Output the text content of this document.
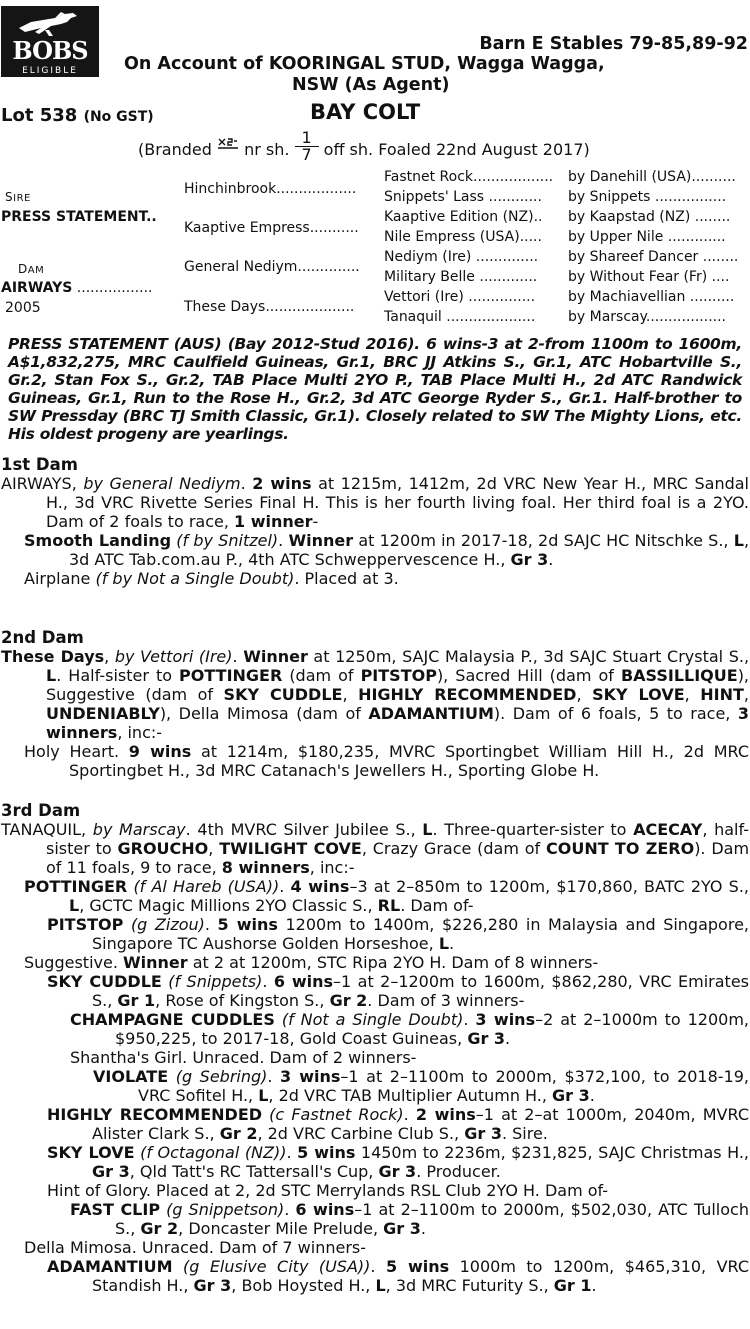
BOBS
ELIGIBLE
Barn E Stables 79-85,89-92
On Account of KOORINGAL STUD, Wagga Wagga,
NSW (As Agent)
Lot 538 (No GST)	BAY COLT
(Branded nr sh. $\frac{1}{7}$ off sh. Foaled 22nd August 2017)
SIRE
PRESS STATEMENT..
DAM
AIRWAYS .................
2005
Hinchinbrook..................
Kaaptive Empress...........
General Nediym..............
These Days....................
Fastnet Rock..................
Snippets' Lass ............
Kaaptive Edition (NZ)..
Nile Empress (USA).....
Nediym (Ire) ..............
Military Belle .............
Vettori (Ire) ...............
Tanaquil ....................
by Danehill (USA)..........
by Snippets ................
by Kaapstad (NZ) ........
by Upper Nile .............
by Shareef Dancer ........
by Without Fear (Fr) ....
by Machiavellian ..........
by Marscay..................
PRESS STATEMENT (AUS) (Bay 2012-Stud 2016). 6 wins-3 at 2-from 1100m to 1600m, A$1,832,275, MRC Caulfield Guineas, Gr.1, BRC JJ Atkins S., Gr.1, ATC Hobartville S., Gr.2, Stan Fox S., Gr.2, TAB Place Multi 2YO P., TAB Place Multi H., 2d ATC Randwick Guineas, Gr.1, Run to the Rose H., Gr.2, 3d ATC George Ryder S., Gr.1. Half-brother to SW Pressday (BRC TJ Smith Classic, Gr.1). Closely related to SW The Mighty Lions, etc. His oldest progeny are yearlings.
1st Dam
AIRWAYS, by General Nediym. 2 wins at 1215m, 1412m, 2d VRC New Year H., MRC Sandal H., 3d VRC Rivette Series Final H. This is her fourth living foal. Her third foal is a 2YO. Dam of 2 foals to race, 1 winner-
Smooth Landing (f by Snitzel). Winner at 1200m in 2017-18, 2d SAJC HC Nitschke S., L, 3d ATC Tab.com.au P., 4th ATC Schweppervescence H., Gr 3.
Airplane (f by Not a Single Doubt). Placed at 3.
2nd Dam
These Days, by Vettori (Ire). Winner at 1250m, SAJC Malaysia P., 3d SAJC Stuart Crystal S., L. Half-sister to POTTINGER (dam of PITSTOP), Sacred Hill (dam of BASSILLIQUE), Suggestive (dam of SKY CUDDLE, HIGHLY RECOMMENDED, SKY LOVE, HINT, UNDENIABLY), Della Mimosa (dam of ADAMANTIUM). Dam of 6 foals, 5 to race, 3 winners, inc:-
Holy Heart. 9 wins at 1214m, $180,235, MVRC Sportingbet William Hill H., 2d MRC Sportingbet H., 3d MRC Catanach's Jewellers H., Sporting Globe H.
3rd Dam
TANAQUIL, by Marscay. 4th MVRC Silver Jubilee S., L. Three-quarter-sister to ACECAY, half-sister to GROUCHO, TWILIGHT COVE, Crazy Grace (dam of COUNT TO ZERO). Dam of 11 foals, 9 to race, 8 winners, inc:-
POTTINGER (f Al Hareb (USA)). 4 wins–3 at 2–850m to 1200m, $170,860, BATC 2YO S., L, GCTC Magic Millions 2YO Classic S., RL. Dam of-
PITSTOP (g Zizou). 5 wins 1200m to 1400m, $226,280 in Malaysia and Singapore, Singapore TC Aushorse Golden Horseshoe, L.
Suggestive. Winner at 2 at 1200m, STC Ripa 2YO H. Dam of 8 winners-
SKY CUDDLE (f Snippets). 6 wins–1 at 2–1200m to 1600m, $862,280, VRC Emirates S., Gr 1, Rose of Kingston S., Gr 2. Dam of 3 winners-
CHAMPAGNE CUDDLES (f Not a Single Doubt). 3 wins–2 at 2–1000m to 1200m, $950,225, to 2017-18, Gold Coast Guineas, Gr 3.
Shantha's Girl. Unraced. Dam of 2 winners-
VIOLATE (g Sebring). 3 wins–1 at 2–1100m to 2000m, $372,100, to 2018-19, VRC Sofitel H., L, 2d VRC TAB Multiplier Autumn H., Gr 3.
HIGHLY RECOMMENDED (c Fastnet Rock). 2 wins–1 at 2–at 1000m, 2040m, MVRC Alister Clark S., Gr 2, 2d VRC Carbine Club S., Gr 3. Sire.
SKY LOVE (f Octagonal (NZ)). 5 wins 1450m to 2236m, $231,825, SAJC Christmas H., Gr 3, Qld Tatt's RC Tattersall's Cup, Gr 3. Producer.
Hint of Glory. Placed at 2, 2d STC Merrylands RSL Club 2YO H. Dam of-
FAST CLIP (g Snippetson). 6 wins–1 at 2–1100m to 2000m, $502,030, ATC Tulloch S., Gr 2, Doncaster Mile Prelude, Gr 3.
Della Mimosa. Unraced. Dam of 7 winners-
ADAMANTIUM (g Elusive City (USA)). 5 wins 1000m to 1200m, $465,310, VRC Standish H., Gr 3, Bob Hoysted H., L, 3d MRC Futurity S., Gr 1.
